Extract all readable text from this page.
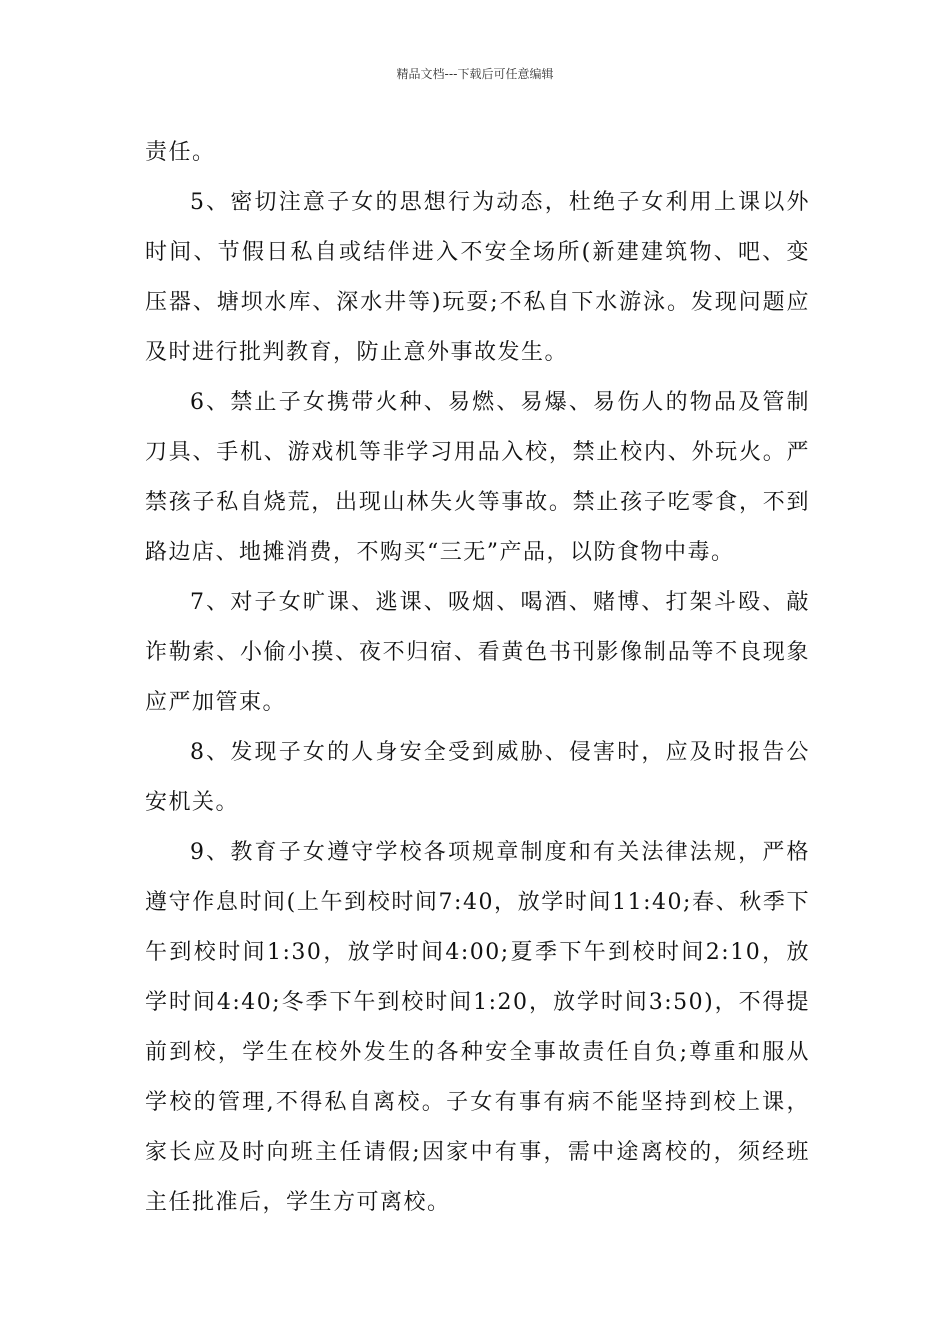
精品文档---下载后可任意编辑

责任。

5、密切注意子女的思想行为动态，杜绝子女利用上课以外时间、节假日私自或结伴进入不安全场所(新建建筑物、吧、变压器、塘坝水库、深水井等)玩耍;不私自下水游泳。发现问题应及时进行批判教育，防止意外事故发生。

6、禁止子女携带火种、易燃、易爆、易伤人的物品及管制刀具、手机、游戏机等非学习用品入校，禁止校内、外玩火。严禁孩子私自烧荒，出现山林失火等事故。禁止孩子吃零食，不到路边店、地摊消费，不购买“三无”产品，以防食物中毒。

7、对子女旷课、逃课、吸烟、喝酒、赌博、打架斗殴、敲诈勒索、小偷小摸、夜不归宿、看黄色书刊影像制品等不良现象应严加管束。

8、发现子女的人身安全受到威胁、侵害时，应及时报告公安机关。

9、教育子女遵守学校各项规章制度和有关法律法规，严格遵守作息时间(上午到校时间7:40，放学时间11:40;春、秋季下午到校时间1:30，放学时间4:00;夏季下午到校时间2:10，放学时间4:40;冬季下午到校时间1:20，放学时间3:50)，不得提前到校，学生在校外发生的各种安全事故责任自负;尊重和服从学校的管理,不得私自离校。子女有事有病不能坚持到校上课，家长应及时向班主任请假;因家中有事，需中途离校的，须经班主任批准后，学生方可离校。
